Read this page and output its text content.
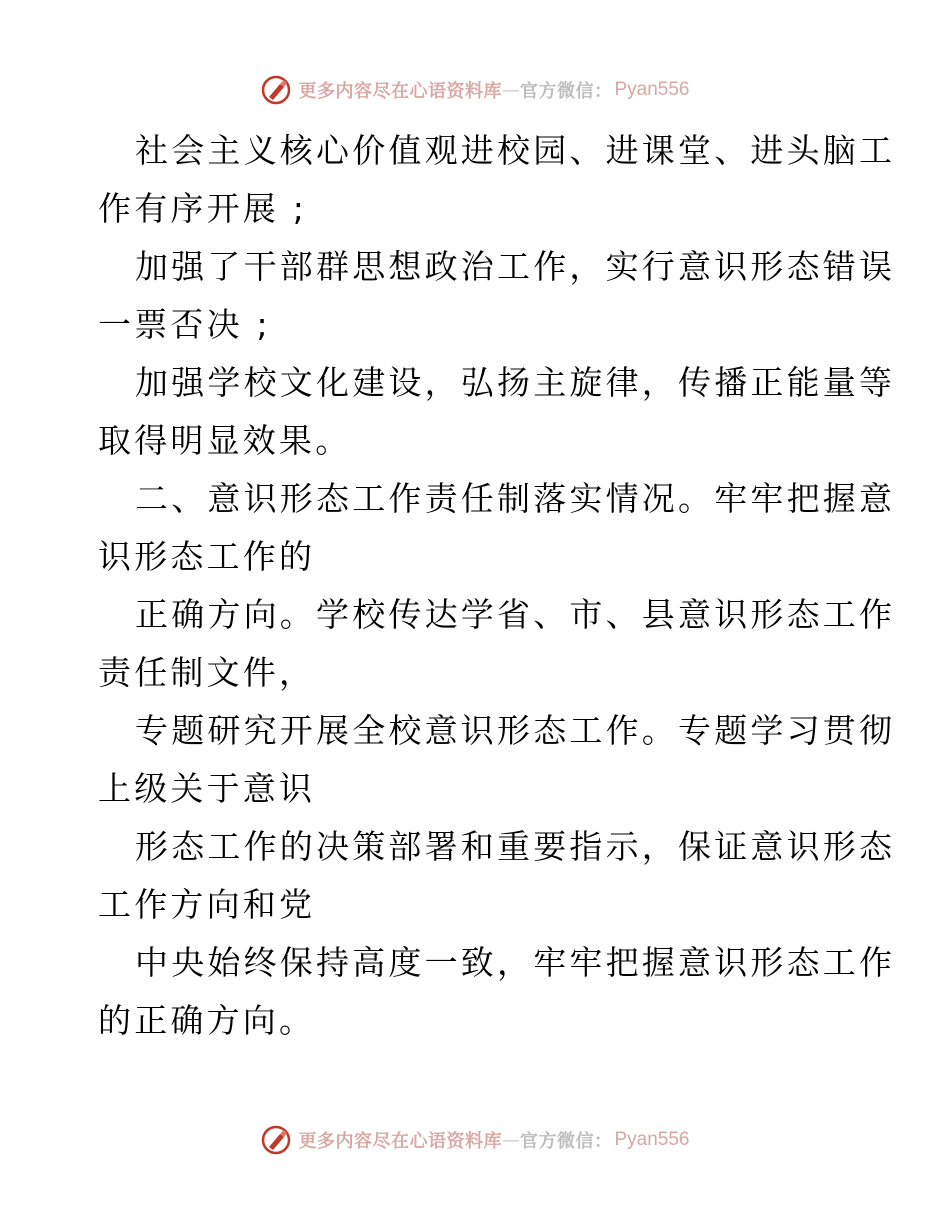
更多内容尽在心语资料库 — 官方微信： Pyan556
社会主义核心价值观进校园、进课堂、进头脑工
作有序开展 ;
加强了干部群思想政治工作，实行意识形态错误
一票否决 ;
加强学校文化建设，弘扬主旋律，传播正能量等
取得明显效果。
二、意识形态工作责任制落实情况。牢牢把握意
识形态工作的
正确方向。学校传达学省、市、县意识形态工作
责任制文件，
专题研究开展全校意识形态工作。专题学习贯彻
上级关于意识
形态工作的决策部署和重要指示，保证意识形态
工作方向和党
中央始终保持高度一致，牢牢把握意识形态工作
的正确方向。
更多内容尽在心语资料库 — 官方微信： Pyan556
